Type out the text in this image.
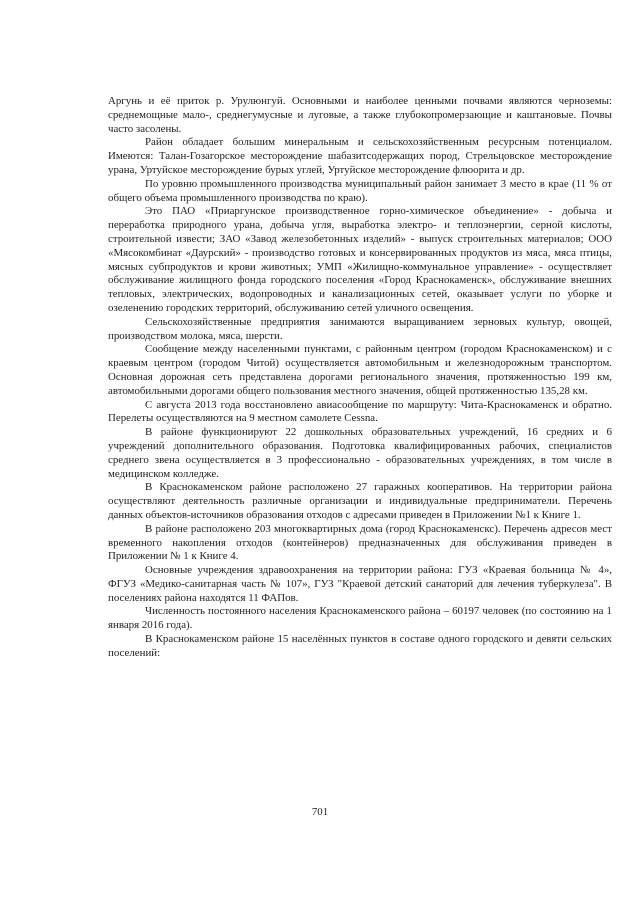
Аргунь и её приток р. Урулюнгуй. Основными и наиболее ценными почвами являются черноземы: среднемощные мало-, среднегумусные и луговые, а также глубокопромерзающие и каштановые. Почвы часто засолены.

Район обладает большим минеральным и сельскохозяйственным ресурсным потенциалом. Имеются: Талан-Гозагорское месторождение шабазитсодержащих пород, Стрельцовское месторождение урана, Уртуйское месторождение бурых углей, Уртуйское месторождение флюорита и др.

По уровню промышленного производства муниципальный район занимает 3 место в крае (11 % от общего объема промышленного производства по краю).

Это ПАО «Приаргунское производственное горно-химическое объединение» - добыча и переработка природного урана, добыча угля, выработка электро- и теплоэнергии, серной кислоты, строительной извести; ЗАО «Завод железобетонных изделий» - выпуск строительных материалов; ООО «Мясокомбинат «Даурский» - производство готовых и консервированных продуктов из мяса, мяса птицы, мясных субпродуктов и крови животных; УМП «Жилищно-коммунальное управление» - осуществляет обслуживание жилищного фонда городского поселения «Город Краснокаменск», обслуживание внешних тепловых, электрических, водопроводных и канализационных сетей, оказывает услуги по уборке и озеленению городских территорий, обслуживанию сетей уличного освещения.

Сельскохозяйственные предприятия занимаются выращиванием зерновых культур, овощей, производством молока, мяса, шерсти.

Сообщение между населенными пунктами, с районным центром (городом Краснокаменском) и с краевым центром (городом Читой) осуществляется автомобильным и железнодорожным транспортом. Основная дорожная сеть представлена дорогами регионального значения, протяженностью 199 км, автомобильными дорогами общего пользования местного значения, общей протяженностью 135,28 км.

С августа 2013 года восстановлено авиасообщение по маршруту: Чита-Краснокаменск и обратно. Перелеты осуществляются на 9 местном самолете Cessna.

В районе функционируют 22 дошкольных образовательных учреждений, 16 средних и 6 учреждений дополнительного образования. Подготовка квалифицированных рабочих, специалистов среднего звена осуществляется в 3 профессионально - образовательных учреждениях, в том числе в медицинском колледже.

В Краснокаменском районе расположено 27 гаражных кооперативов. На территории района осуществляют деятельность различные организации и индивидуальные предприниматели. Перечень данных объектов-источников образования отходов с адресами приведен в Приложении №1 к Книге 1.

В районе расположено 203 многоквартирных дома (город Краснокаменскс). Перечень адресов мест временного накопления отходов (контейнеров) предназначенных для обслуживания приведен в Приложении № 1 к Книге 4.

Основные учреждения здравоохранения на территории района: ГУЗ «Краевая больница № 4», ФГУЗ «Медико-санитарная часть № 107», ГУЗ "Краевой детский санаторий для лечения туберкулеза". В поселениях района находятся 11 ФАПов.

Численность постоянного населения Краснокаменского района – 60197 человек (по состоянию на 1 января 2016 года).

В Краснокаменском районе 15 населённых пунктов в составе одного городского и девяти сельских поселений:

701
